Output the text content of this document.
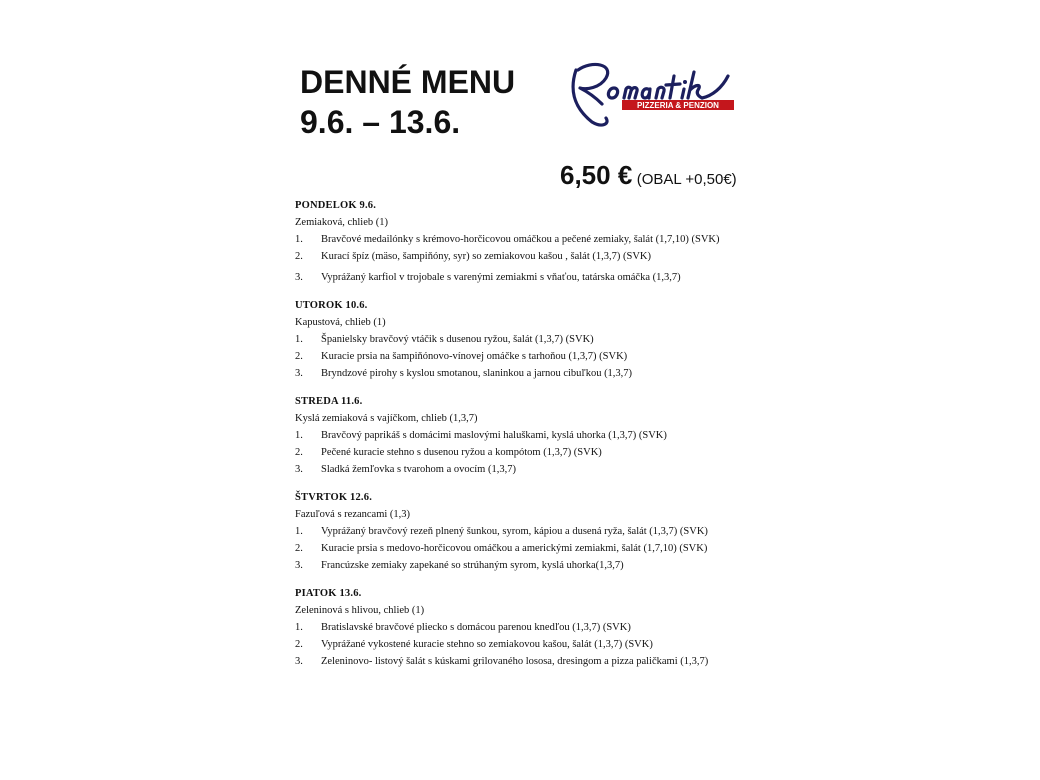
DENNÉ MENU
9.6. – 13.6.	PIZZERIA & PENZION
6,50 € (OBAL +0,50€)
PONDELOK 9.6.
Zemiaková, chlieb (1)
1.	Bravčové medailónky s krémovo-horčicovou omáčkou a pečené zemiaky, šalát (1,7,10) (SVK)
2.	Kurací špíz (mäso, šampiňóny, syr) so zemiakovou kašou , šalát (1,3,7) (SVK)
3.	Vyprážaný karfiol v trojobale s varenými zemiakmi s vňaťou, tatárska omáčka (1,3,7)
UTOROK 10.6.
Kapustová, chlieb (1)
1.	Španielsky bravčový vtáčik s dusenou ryžou, šalát (1,3,7) (SVK)
2.	Kuracie prsia na šampiňónovo-vínovej omáčke s tarhoňou (1,3,7) (SVK)
3.	Bryndzové pirohy s kyslou smotanou, slaninkou a jarnou cibuľkou (1,3,7)
STREDA 11.6.
Kyslá zemiaková s vajíčkom, chlieb (1,3,7)
1.	Bravčový paprikáš s domácimi maslovými haluškami, kyslá uhorka (1,3,7) (SVK)
2.	Pečené kuracie stehno s dusenou ryžou a kompótom (1,3,7) (SVK)
3.	Sladká žemľovka s tvarohom a ovocím (1,3,7)
ŠTVRTOK 12.6.
Fazuľová s rezancami (1,3)
1.	Vyprážaný bravčový rezeň plnený šunkou, syrom, kápiou a dusená ryža, šalát (1,3,7) (SVK)
2.	Kuracie prsia s medovo-horčicovou omáčkou a americkými zemiakmi, šalát (1,7,10) (SVK)
3.	Francúzske zemiaky zapekané so strúhaným syrom, kyslá uhorka(1,3,7)
PIATOK 13.6.
Zeleninová s hlivou, chlieb (1)
1.	Bratislavské bravčové pliecko s domácou parenou knedľou (1,3,7) (SVK)
2.	Vyprážané vykostené kuracie stehno so zemiakovou kašou, šalát (1,3,7) (SVK)
3.	Zeleninovo- listový šalát s kúskami grilovaného lososa, dresingom a pizza paličkami (1,3,7)
